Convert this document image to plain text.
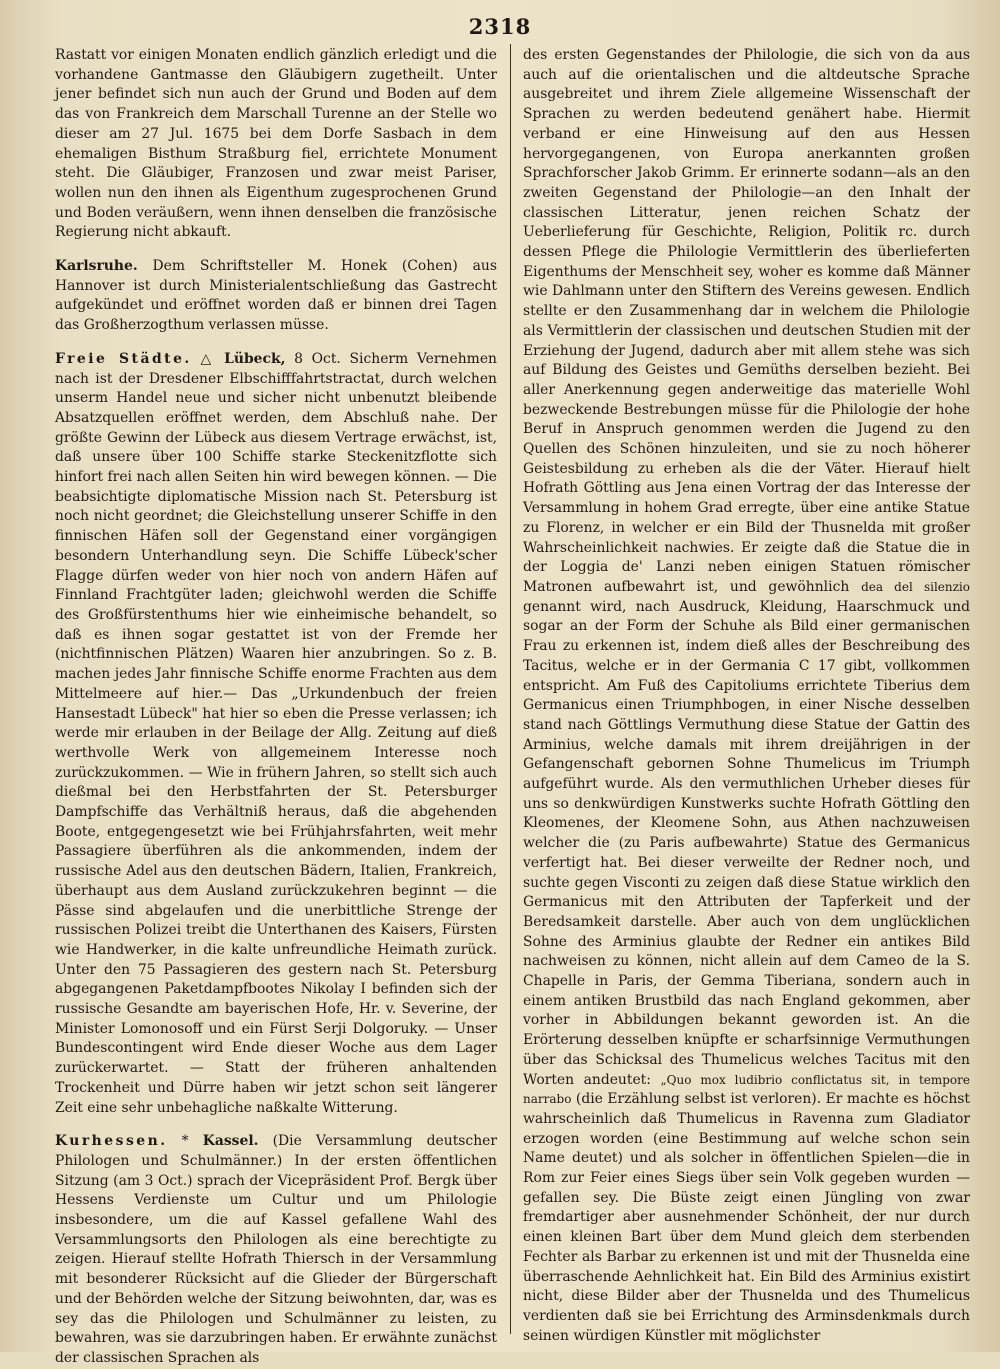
2318

Rastatt vor einigen Monaten endlich gänzlich erledigt und die vorhandene Gantmasse den Gläubigern zugetheilt. Unter jener befindet sich nun auch der Grund und Boden auf dem das von Frankreich dem Marschall Turenne an der Stelle wo dieser am 27 Jul. 1675 bei dem Dorfe Sasbach in dem ehemaligen Bisthum Straßburg fiel, errichtete Monument steht. Die Gläubiger, Franzosen und zwar meist Pariser, wollen nun den ihnen als Eigenthum zugesprochenen Grund und Boden veräußern, wenn ihnen denselben die französische Regierung nicht abkauft.

Karlsruhe. Dem Schriftsteller M. Honek (Cohen) aus Hannover ist durch Ministerialentschließung das Gastrecht aufgekündet und eröffnet worden daß er binnen drei Tagen das Großherzogthum verlassen müsse.

Freie Städte. △ Lübeck, 8 Oct. Sicherm Vernehmen nach ist der Dresdener Elbschifffahrtstractat, durch welchen unserm Handel neue und sicher nicht unbenutzt bleibende Absatzquellen eröffnet werden, dem Abschluß nahe. Der größte Gewinn der Lübeck aus diesem Vertrage erwächst, ist, daß unsere über 100 Schiffe starke Steckenitzflotte sich hinfort frei nach allen Seiten hin wird bewegen können. — Die beabsichtigte diplomatische Mission nach St. Petersburg ist noch nicht geordnet; die Gleichstellung unserer Schiffe in den finnischen Häfen soll der Gegenstand einer vorgängigen besondern Unterhandlung seyn. Die Schiffe Lübeck'scher Flagge dürfen weder von hier noch von andern Häfen auf Finnland Frachtgüter laden; gleichwohl werden die Schiffe des Großfürstenthums hier wie einheimische behandelt, so daß es ihnen sogar gestattet ist von der Fremde her (nichtfinnischen Plätzen) Waaren hier anzubringen. So z. B. machen jedes Jahr finnische Schiffe enorme Frachten aus dem Mittelmeere auf hier.— Das „Urkundenbuch der freien Hansestadt Lübeck" hat hier so eben die Presse verlassen; ich werde mir erlauben in der Beilage der Allg. Zeitung auf dieß werthvolle Werk von allgemeinem Interesse noch zurückzukommen. — Wie in frühern Jahren, so stellt sich auch dießmal bei den Herbstfahrten der St. Petersburger Dampfschiffe das Verhältniß heraus, daß die abgehenden Boote, entgegengesetzt wie bei Frühjahrsfahrten, weit mehr Passagiere überführen als die ankommenden, indem der russische Adel aus den deutschen Bädern, Italien, Frankreich, überhaupt aus dem Ausland zurückzukehren beginnt — die Pässe sind abgelaufen und die unerbittliche Strenge der russischen Polizei treibt die Unterthanen des Kaisers, Fürsten wie Handwerker, in die kalte unfreundliche Heimath zurück. Unter den 75 Passagieren des gestern nach St. Petersburg abgegangenen Paketdampfbootes Nikolay I befinden sich der russische Gesandte am bayerischen Hofe, Hr. v. Severine, der Minister Lomonosoff und ein Fürst Serji Dolgoruky. — Unser Bundescontingent wird Ende dieser Woche aus dem Lager zurückerwartet. — Statt der früheren anhaltenden Trockenheit und Dürre haben wir jetzt schon seit längerer Zeit eine sehr unbehagliche naßkalte Witterung.

Kurhessen. * Kassel. (Die Versammlung deutscher Philologen und Schulmänner.) In der ersten öffentlichen Sitzung (am 3 Oct.) sprach der Vicepräsident Prof. Bergk über Hessens Verdienste um Cultur und um Philologie insbesondere, um die auf Kassel gefallene Wahl des Versammlungsorts den Philologen als eine berechtigte zu zeigen. Hierauf stellte Hofrath Thiersch in der Versammlung mit besonderer Rücksicht auf die Glieder der Bürgerschaft und der Behörden welche der Sitzung beiwohnten, dar, was es sey das die Philologen und Schulmänner zu leisten, zu bewahren, was sie darzubringen haben. Er erwähnte zunächst der classischen Sprachen als

des ersten Gegenstandes der Philologie, die sich von da aus auch auf die orientalischen und die altdeutsche Sprache ausgebreitet und ihrem Ziele allgemeine Wissenschaft der Sprachen zu werden bedeutend genähert habe. Hiermit verband er eine Hinweisung auf den aus Hessen hervorgegangenen, von Europa anerkannten großen Sprachforscher Jakob Grimm. Er erinnerte sodann—als an den zweiten Gegenstand der Philologie—an den Inhalt der classischen Litteratur, jenen reichen Schatz der Ueberlieferung für Geschichte, Religion, Politik rc. durch dessen Pflege die Philologie Vermittlerin des überlieferten Eigenthums der Menschheit sey, woher es komme daß Männer wie Dahlmann unter den Stiftern des Vereins gewesen. Endlich stellte er den Zusammenhang dar in welchem die Philologie als Vermittlerin der classischen und deutschen Studien mit der Erziehung der Jugend, dadurch aber mit allem stehe was sich auf Bildung des Geistes und Gemüths derselben bezieht. Bei aller Anerkennung gegen anderweitige das materielle Wohl bezweckende Bestrebungen müsse für die Philologie der hohe Beruf in Anspruch genommen werden die Jugend zu den Quellen des Schönen hinzuleiten, und sie zu noch höherer Geistesbildung zu erheben als die der Väter. Hierauf hielt Hofrath Göttling aus Jena einen Vortrag der das Interesse der Versammlung in hohem Grad erregte, über eine antike Statue zu Florenz, in welcher er ein Bild der Thusnelda mit großer Wahrscheinlichkeit nachwies. Er zeigte daß die Statue die in der Loggia de' Lanzi neben einigen Statuen römischer Matronen aufbewahrt ist, und gewöhnlich dea del silenzio genannt wird, nach Ausdruck, Kleidung, Haarschmuck und sogar an der Form der Schuhe als Bild einer germanischen Frau zu erkennen ist, indem dieß alles der Beschreibung des Tacitus, welche er in der Germania C 17 gibt, vollkommen entspricht. Am Fuß des Capitoliums errichtete Tiberius dem Germanicus einen Triumphbogen, in einer Nische desselben stand nach Göttlings Vermuthung diese Statue der Gattin des Arminius, welche damals mit ihrem dreijährigen in der Gefangenschaft gebornen Sohne Thumelicus im Triumph aufgeführt wurde. Als den vermuthlichen Urheber dieses für uns so denkwürdigen Kunstwerks suchte Hofrath Göttling den Kleomenes, der Kleomene Sohn, aus Athen nachzuweisen welcher die (zu Paris aufbewahrte) Statue des Germanicus verfertigt hat. Bei dieser verweilte der Redner noch, und suchte gegen Visconti zu zeigen daß diese Statue wirklich den Germanicus mit den Attributen der Tapferkeit und der Beredsamkeit darstelle. Aber auch von dem unglücklichen Sohne des Arminius glaubte der Redner ein antikes Bild nachweisen zu können, nicht allein auf dem Cameo de la S. Chapelle in Paris, der Gemma Tiberiana, sondern auch in einem antiken Brustbild das nach England gekommen, aber vorher in Abbildungen bekannt geworden ist. An die Erörterung desselben knüpfte er scharfsinnige Vermuthungen über das Schicksal des Thumelicus welches Tacitus mit den Worten andeutet: „Quo mox ludibrio conflictatus sit, in tempore narrabo (die Erzählung selbst ist verloren). Er machte es höchst wahrscheinlich daß Thumelicus in Ravenna zum Gladiator erzogen worden (eine Bestimmung auf welche schon sein Name deutet) und als solcher in öffentlichen Spielen—die in Rom zur Feier eines Siegs über sein Volk gegeben wurden — gefallen sey. Die Büste zeigt einen Jüngling von zwar fremdartiger aber ausnehmender Schönheit, der nur durch einen kleinen Bart über dem Mund gleich dem sterbenden Fechter als Barbar zu erkennen ist und mit der Thusnelda eine überraschende Aehnlichkeit hat. Ein Bild des Arminius existirt nicht, diese Bilder aber der Thusnelda und des Thumelicus verdienten daß sie bei Errichtung des Arminsdenkmals durch seinen würdigen Künstler mit möglichster
